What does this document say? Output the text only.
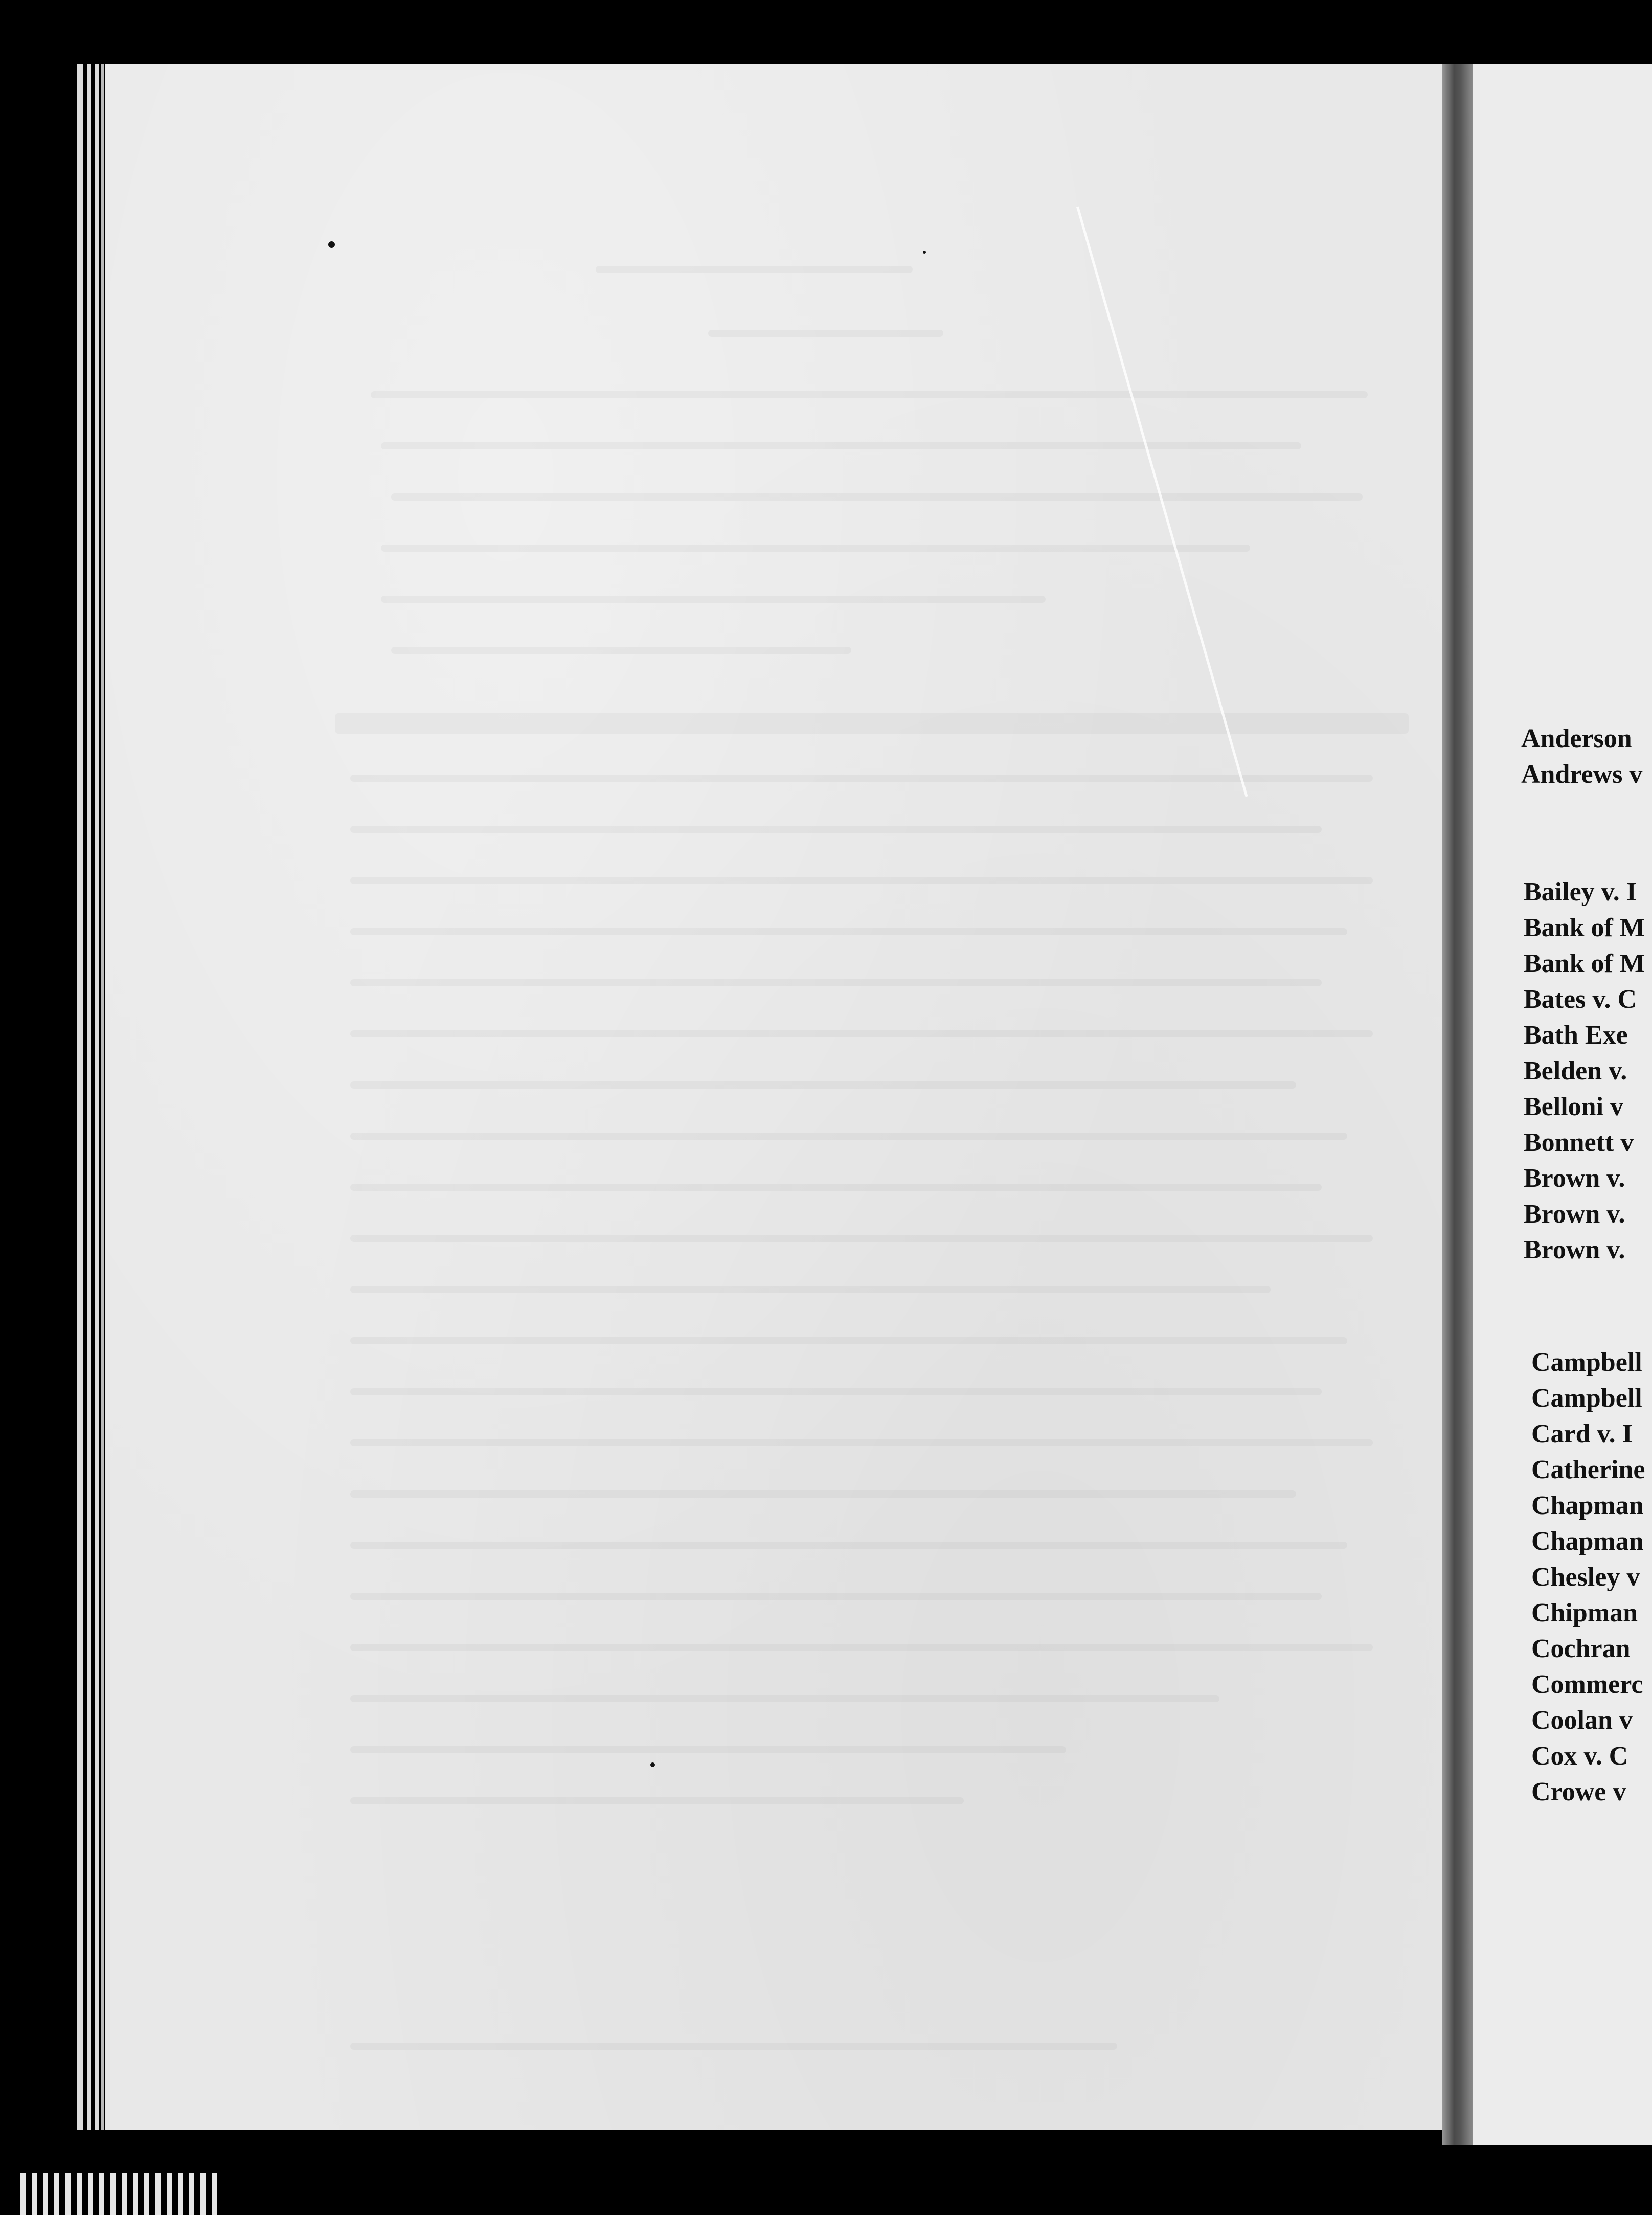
Anderson
Andrews v
Bailey v. I
Bank of M
Bank of M
Bates v. C
Bath Exe
Belden v.
Belloni v
Bonnett v
Brown v.
Brown v.
Brown v.
Campbell
Campbell
Card v. I
Catherine
Chapman
Chapman
Chesley v
Chipman
Cochran
Commerc
Coolan v
Cox v. C
Crowe v
